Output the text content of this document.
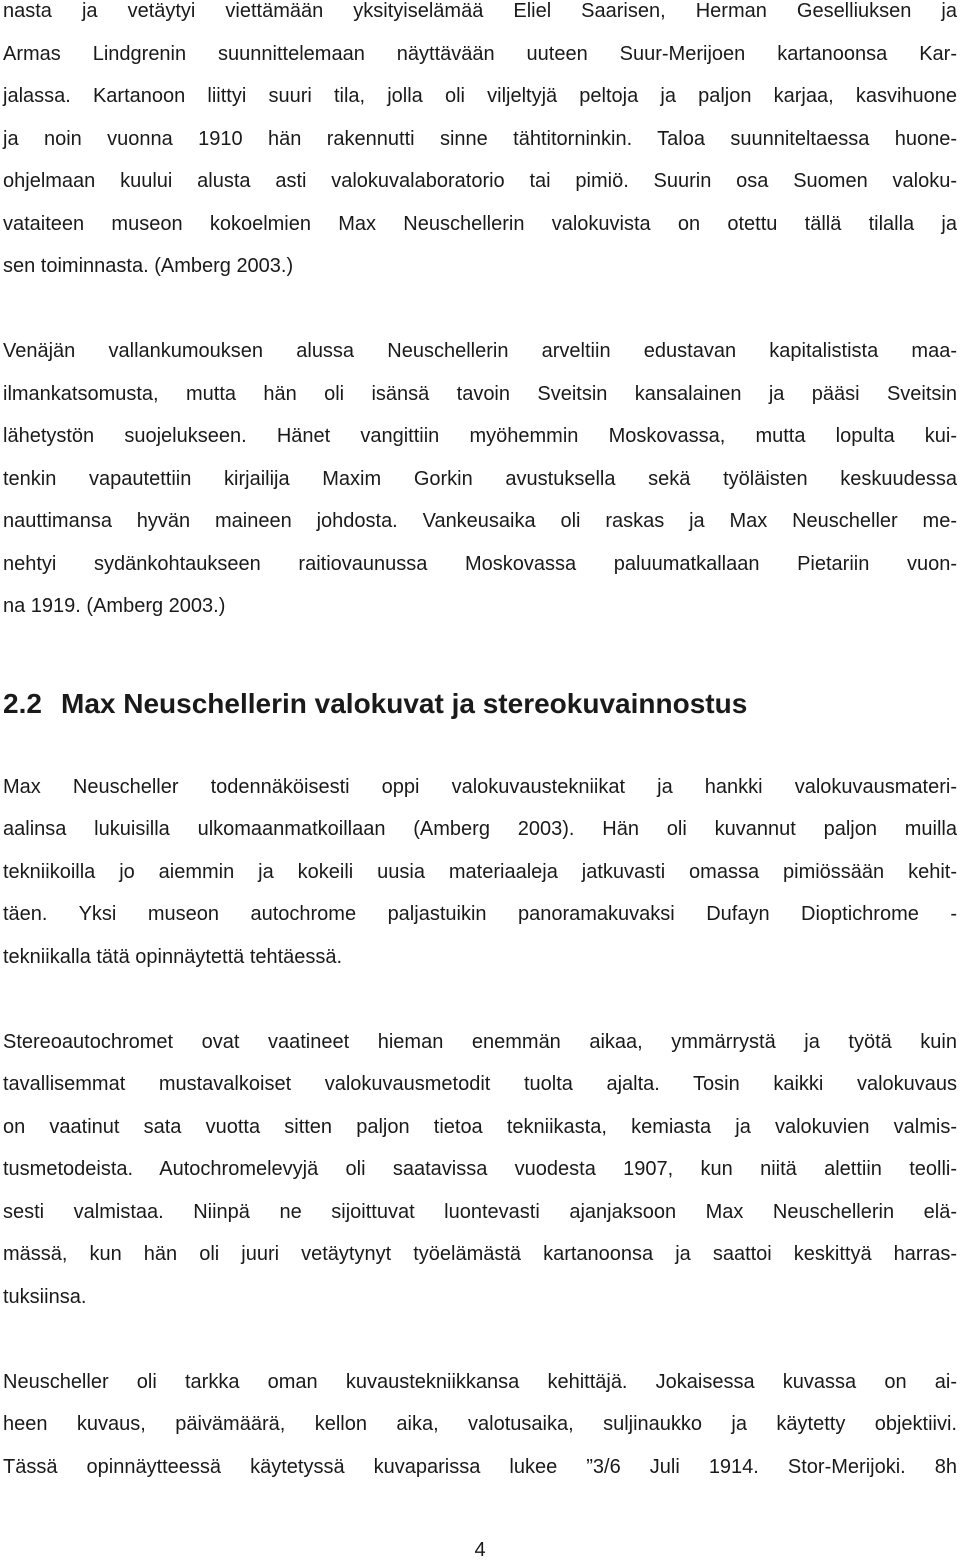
nasta ja vetäytyi viettämään yksityiselämää Eliel Saarisen, Herman Geselliuksen ja
Armas Lindgrenin suunnittelemaan näyttävään uuteen Suur-Merijoen kartanoonsa Kar-
jalassa. Kartanoon liittyi suuri tila, jolla oli viljeltyjä peltoja ja paljon karjaa, kasvihuone
ja noin vuonna 1910 hän rakennutti sinne tähtitorninkin. Taloa suunniteltaessa huone-
ohjelmaan kuului alusta asti valokuvalaboratorio tai pimiö. Suurin osa Suomen valoku-
vataiteen museon kokoelmien Max Neuschellerin valokuvista on otettu tällä tilalla ja
sen toiminnasta. (Amberg 2003.)
Venäjän vallankumouksen alussa Neuschellerin arveltiin edustavan kapitalistista maa-
ilmankatsomusta, mutta hän oli isänsä tavoin Sveitsin kansalainen ja pääsi Sveitsin
lähetystön suojelukseen. Hänet vangittiin myöhemmin Moskovassa, mutta lopulta kui-
tenkin vapautettiin kirjailija Maxim Gorkin avustuksella sekä työläisten keskuudessa
nauttimansa hyvän maineen johdosta. Vankeusaika oli raskas ja Max Neuscheller me-
nehtyi sydänkohtaukseen raitiovaunussa Moskovassa paluumatkallaan Pietariin vuon-
na 1919. (Amberg 2003.)
2.2 Max Neuschellerin valokuvat ja stereokuvainnostus
Max Neuscheller todennäköisesti oppi valokuvaustekniikat ja hankki valokuvausmateri-
aalinsa lukuisilla ulkomaanmatkoillaan (Amberg 2003). Hän oli kuvannut paljon muilla
tekniikoilla jo aiemmin ja kokeili uusia materiaaleja jatkuvasti omassa pimiössään kehit-
täen. Yksi museon autochrome paljastuikin panoramakuvaksi Dufayn Dioptichrome -
tekniikalla tätä opinnäytettä tehtäessä.
Stereoautochromet ovat vaatineet hieman enemmän aikaa, ymmärrystä ja työtä kuin
tavallisemmat mustavalkoiset valokuvausmetodit tuolta ajalta. Tosin kaikki valokuvaus
on vaatinut sata vuotta sitten paljon tietoa tekniikasta, kemiasta ja valokuvien valmis-
tusmetodeista. Autochromelevyjä oli saatavissa vuodesta 1907, kun niitä alettiin teolli-
sesti valmistaa. Niinpä ne sijoittuvat luontevasti ajanjaksoon Max Neuschellerin elä-
mässä, kun hän oli juuri vetäytynyt työelämästä kartanoonsa ja saattoi keskittyä harras-
tuksiinsa.
Neuscheller oli tarkka oman kuvaustekniikkansa kehittäjä. Jokaisessa kuvassa on ai-
heen kuvaus, päivämäärä, kellon aika, valotusaika, suljinaukko ja käytetty objektiivi.
Tässä opinnäytteessä käytetyssä kuvaparissa lukee ”3/6 Juli 1914. Stor-Merijoki. 8h
4
